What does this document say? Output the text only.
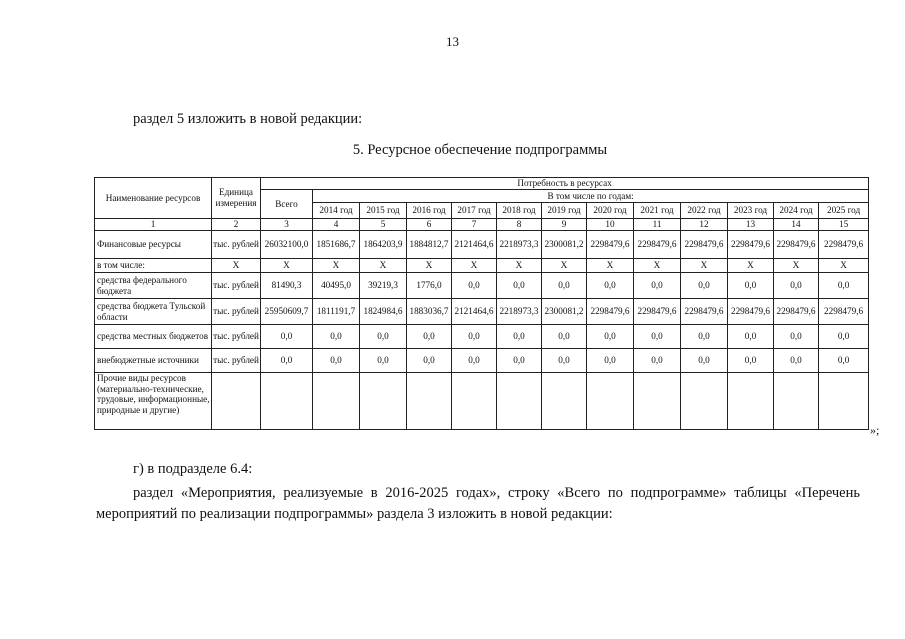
13
раздел 5 изложить в новой редакции:
5. Ресурсное обеспечение подпрограммы
Наименование ресурсов	Единица измерения	Потребность в ресурсах												
		Всего	В том числе по годам:											
			2014 год	2015 год	2016 год	2017 год	2018 год	2019 год	2020 год	2021 год	2022 год	2023 год	2024 год	2025 год
1	2	3	4	5	6	7	8	9	10	11	12	13	14	15
Финансовые ресурсы	тыс. рублей	26032100,0	1851686,7	1864203,9	1884812,7	2121464,6	2218973,3	2300081,2	2298479,6	2298479,6	2298479,6	2298479,6	2298479,6	2298479,6
в том числе:	Х	Х	Х	Х	Х	Х	Х	Х	Х	Х	Х	Х	Х	Х
средства федерального бюджета	тыс. рублей	81490,3	40495,0	39219,3	1776,0	0,0	0,0	0,0	0,0	0,0	0,0	0,0	0,0	0,0
средства бюджета Тульской области	тыс. рублей	25950609,7	1811191,7	1824984,6	1883036,7	2121464,6	2218973,3	2300081,2	2298479,6	2298479,6	2298479,6	2298479,6	2298479,6	2298479,6
средства местных бюджетов	тыс. рублей	0,0	0,0	0,0	0,0	0,0	0,0	0,0	0,0	0,0	0,0	0,0	0,0	0,0
внебюджетные источники	тыс. рублей	0,0	0,0	0,0	0,0	0,0	0,0	0,0	0,0	0,0	0,0	0,0	0,0	0,0
Прочие виды ресурсов (материально-технические, трудовые, информационные, природные и другие)														
»;
г) в подразделе 6.4:
раздел «Мероприятия, реализуемые в 2016-2025 годах», строку «Всего по подпрограмме» таблицы «Перечень мероприятий по реализации подпрограммы» раздела 3 изложить в новой редакции:
